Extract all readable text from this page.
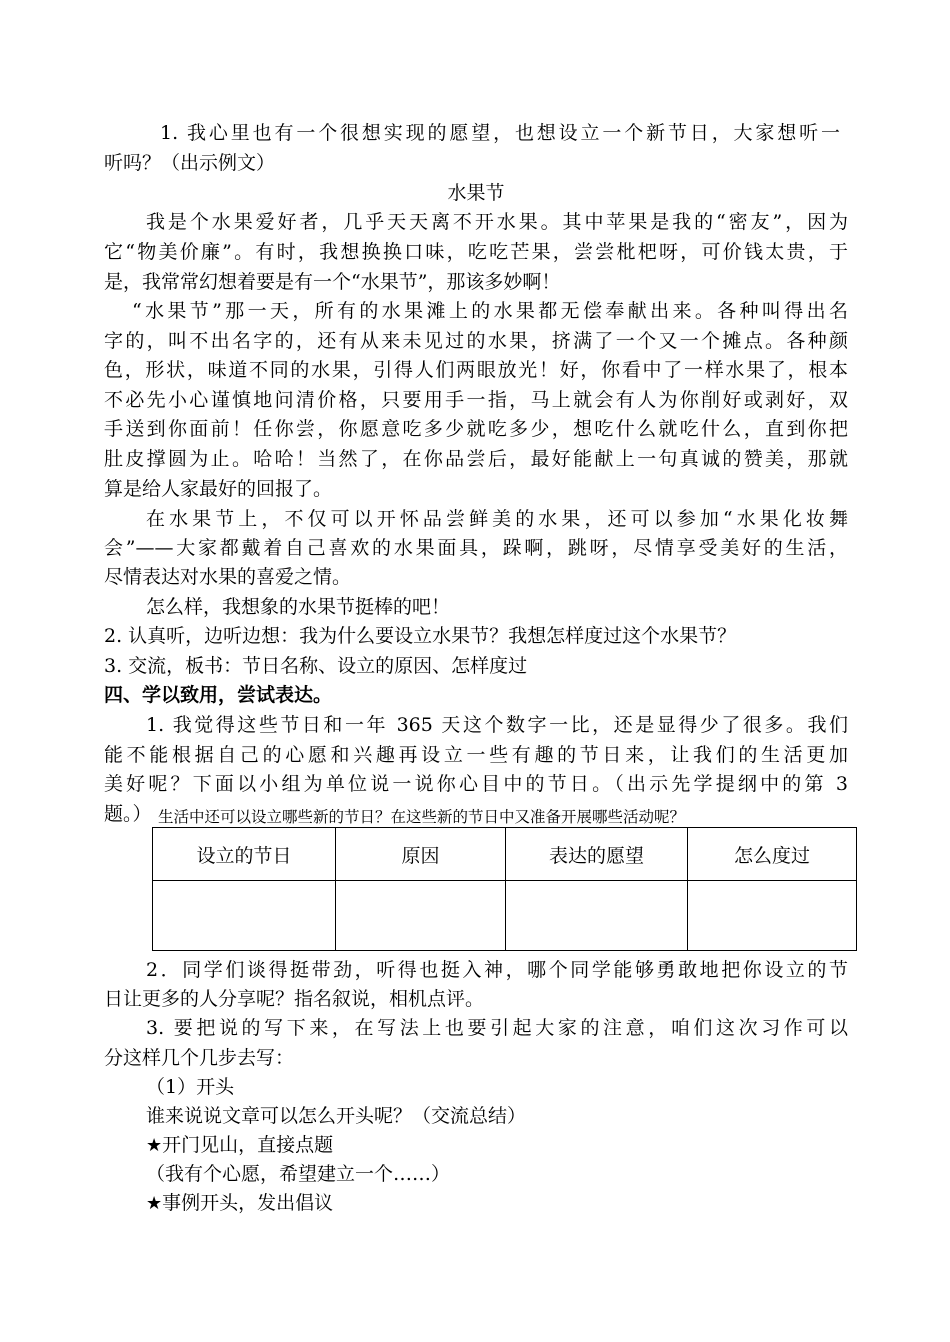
1. 我心里也有一个很想实现的愿望，也想设立一个新节日，大家想听一
听吗？（出示例文）
水果节
我是个水果爱好者，几乎天天离不开水果。其中苹果是我的“密友”，因为
它“物美价廉”。有时，我想换换口味，吃吃芒果，尝尝枇杷呀，可价钱太贵，于
是，我常常幻想着要是有一个“水果节”，那该多妙啊！
“水果节”那一天，所有的水果滩上的水果都无偿奉献出来。各种叫得出名
字的，叫不出名字的，还有从来未见过的水果，挤满了一个又一个摊点。各种颜
色，形状，味道不同的水果，引得人们两眼放光！好，你看中了一样水果了，根本
不必先小心谨慎地问清价格，只要用手一指，马上就会有人为你削好或剥好，双
手送到你面前！任你尝，你愿意吃多少就吃多少，想吃什么就吃什么，直到你把
肚皮撑圆为止。哈哈！当然了，在你品尝后，最好能献上一句真诚的赞美，那就
算是给人家最好的回报了。
在水果节上，不仅可以开怀品尝鲜美的水果，还可以参加“水果化妆舞
会”——大家都戴着自己喜欢的水果面具，跺啊，跳呀，尽情享受美好的生活，
尽情表达对水果的喜爱之情。
怎么样，我想象的水果节挺棒的吧！
2. 认真听，边听边想：我为什么要设立水果节？我想怎样度过这个水果节？
3. 交流，板书：节日名称、设立的原因、怎样度过
四、学以致用，尝试表达。
1. 我觉得这些节日和一年 365 天这个数字一比，还是显得少了很多。我们
能不能根据自己的心愿和兴趣再设立一些有趣的节日来，让我们的生活更加
美好呢？下面以小组为单位说一说你心目中的节日。（出示先学提纲中的第 3
题。） 生活中还可以设立哪些新的节日？在这些新的节日中又准备开展哪些活动呢？
设立的节日	原因	表达的愿望	怎么度过

2．同学们谈得挺带劲，听得也挺入神，哪个同学能够勇敢地把你设立的节
日让更多的人分享呢？指名叙说，相机点评。
3. 要把说的写下来，在写法上也要引起大家的注意，咱们这次习作可以
分这样几个几步去写：
（1）开头
谁来说说文章可以怎么开头呢？（交流总结）
★开门见山，直接点题
（我有个心愿，希望建立一个……）
★事例开头，发出倡议
